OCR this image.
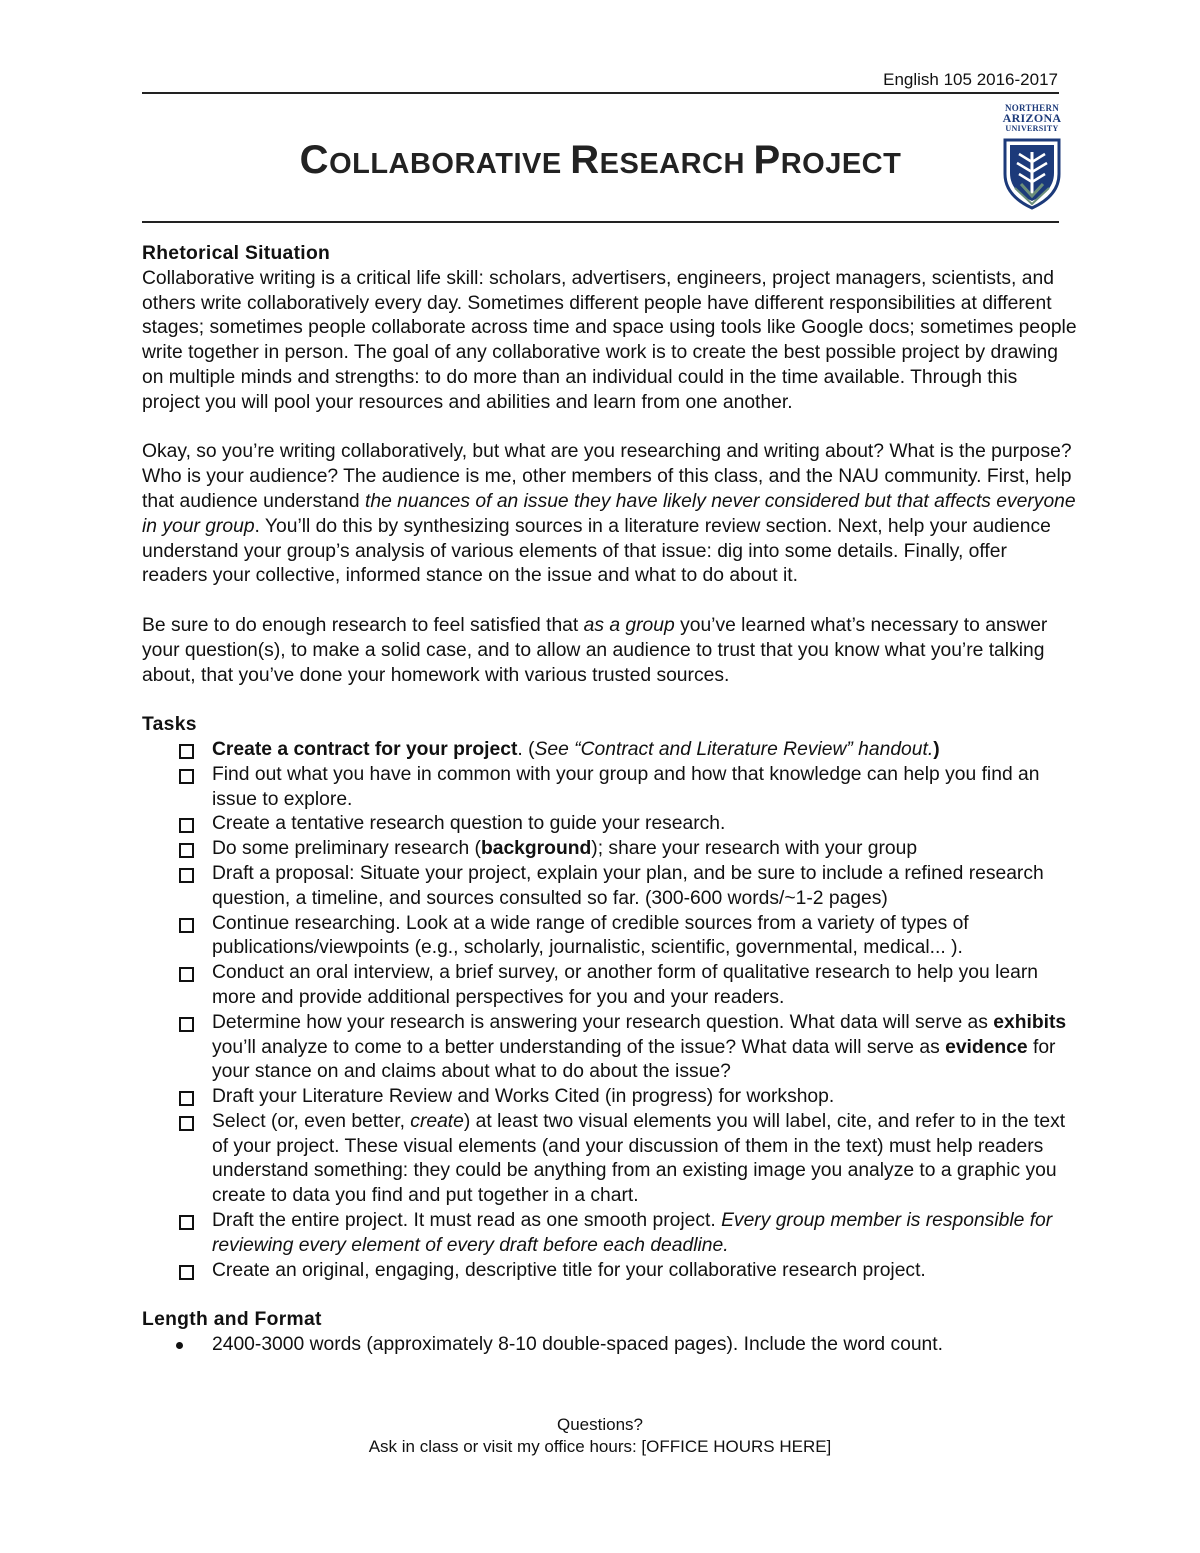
English 105 2016-2017
COLLABORATIVE RESEARCH PROJECT
NORTHERN
ARIZONA
UNIVERSITY
Rhetorical Situation

Collaborative writing is a critical life skill: scholars, advertisers, engineers, project managers, scientists, and others write collaboratively every day. Sometimes different people have different responsibilities at different stages; sometimes people collaborate across time and space using tools like Google docs; sometimes people write together in person. The goal of any collaborative work is to create the best possible project by drawing on multiple minds and strengths: to do more than an individual could in the time available. Through this project you will pool your resources and abilities and learn from one another.

Okay, so you’re writing collaboratively, but what are you researching and writing about? What is the purpose? Who is your audience? The audience is me, other members of this class, and the NAU community. First, help that audience understand the nuances of an issue they have likely never considered but that affects everyone in your group. You’ll do this by synthesizing sources in a literature review section. Next, help your audience understand your group’s analysis of various elements of that issue: dig into some details. Finally, offer readers your collective, informed stance on the issue and what to do about it.

Be sure to do enough research to feel satisfied that as a group you’ve learned what’s necessary to answer your question(s), to make a solid case, and to allow an audience to trust that you know what you’re talking about, that you’ve done your homework with various trusted sources.

Tasks
Create a contract for your project. (See “Contract and Literature Review” handout.)
Find out what you have in common with your group and how that knowledge can help you find an issue to explore.
Create a tentative research question to guide your research.
Do some preliminary research (background); share your research with your group
Draft a proposal: Situate your project, explain your plan, and be sure to include a refined research question, a timeline, and sources consulted so far. (300-600 words/~1-2 pages)
Continue researching. Look at a wide range of credible sources from a variety of types of publications/viewpoints (e.g., scholarly, journalistic, scientific, governmental, medical... ).
Conduct an oral interview, a brief survey, or another form of qualitative research to help you learn more and provide additional perspectives for you and your readers.
Determine how your research is answering your research question. What data will serve as exhibits you’ll analyze to come to a better understanding of the issue? What data will serve as evidence for your stance on and claims about what to do about the issue?
Draft your Literature Review and Works Cited (in progress) for workshop.
Select (or, even better, create) at least two visual elements you will label, cite, and refer to in the text of your project. These visual elements (and your discussion of them in the text) must help readers understand something: they could be anything from an existing image you analyze to a graphic you create to data you find and put together in a chart.
Draft the entire project. It must read as one smooth project. Every group member is responsible for reviewing every element of every draft before each deadline.
Create an original, engaging, descriptive title for your collaborative research project.
Length and Format
2400-3000 words (approximately 8-10 double-spaced pages). Include the word count.
Questions?
Ask in class or visit my office hours: [OFFICE HOURS HERE]
